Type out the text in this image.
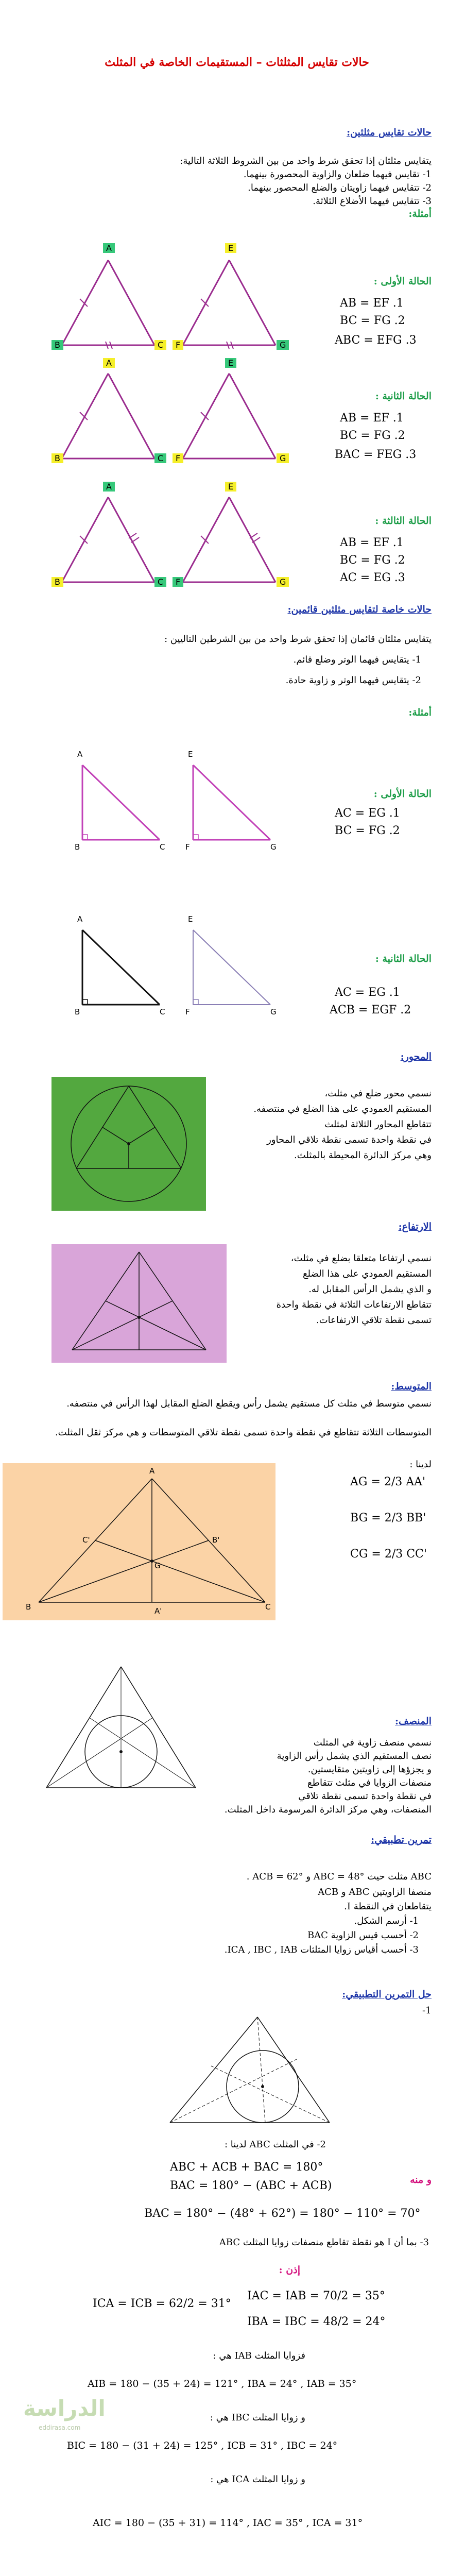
حالات تقايس المثلثات – المستقيمات الخاصة في المثلث
حالات تقايس مثلثين:
يتقايس مثلثان إذا تحقق شرط واحد من بين الشروط الثلاثة التالية:
1- تقايس فيهما ضلعان والزاوية المحصورة بينهما.
2- تتقايس فيهما زاويتان والضلع المحصور بينهما.
3- تتقايس فيهما الأضلاع الثلاثة.
أمثلة:
A
B	C
E
F	G
الحالة الأولى :
AB = EF .1
BC = FG .2
ABC = EFG .3
A
B	C
E
F	G
الحالة الثانية :
AB = EF .1
BC = FG .2
BAC = FEG .3
A
B	C
E
F	G
الحالة الثالثة :
AB = EF .1
BC = FG .2
AC = EG .3
حالات خاصة لتقايس مثلثين قائمين:
يتقايس مثلثان قائمان إذا تحقق شرط واحد من بين الشرطين التاليين :
1- يتقايس فيهما الوتر وضلع قائم.
2- يتقايس فيهما الوتر و زاوية حادة.
أمثلة:
A
B	C
E
F	G
الحالة الأولى :
AC = EG .1
BC = FG .2
A
B	C
E
F	G
الحالة الثانية :
AC = EG .1
ACB = EGF .2
المحور:
نسمي محور ضلع في مثلث،
المستقيم العمودي على هذا الضلع في منتصفه.
تتقاطع المحاور الثلاثة لمثلث
في نقطة واحدة تسمى نقطة تلاقي المحاور
وهي مركز الدائرة المحيطة بالمثلث.
الارتفاع:
نسمي ارتفاعا متعلقا بضلع في مثلث،
المستقيم العمودي على هذا الضلع
و الذي يشمل الرأس المقابل له.
تتقاطع الارتفاعات الثلاثة في نقطة واحدة
تسمى نقطة تلاقي الارتفاعات.
المتوسط:
نسمي متوسط في مثلث كل مستقيم يشمل رأس ويقطع الضلع المقابل لهذا الرأس في منتصفه.
المتوسطات الثلاثة تتقاطع في نقطة واحدة تسمى نقطة تلاقي المتوسطات و هي مركز ثقل المثلث.
لدينا :
A
B	C
A'
B'
C'
G
AG = 2/3 AA'
BG = 2/3 BB'
CG = 2/3 CC'
المنصف:
نسمي منصف زاوية في المثلث
نصف المستقيم الذي يشمل رأس الزاوية
و يجزؤها إلى زاويتين متقايستين.
منصفات الزوايا في مثلث تتقاطع
في نقطة واحدة تسمى نقطة تلاقي
المنصفات، وهي مركز الدائرة المرسومة داخل المثلث.
تمرين تطبيقي:
ABC مثلث حيث ABC = 48° و ACB = 62° .
منصفا الزاويتين ABC و ACB
يتقاطعان في النقطة I.
1- أرسم الشكل.
2- أحسب قيس الزاوية BAC
3- أحسب أقياس زوايا المثلثات ICA , IBC , IAB.
حل التمرين التطبيقي:
-1
2- في المثلث ABC لدينا :
ABC + ACB + BAC = 180°
و منه
BAC = 180° − (ABC + ACB)
BAC = 180° − (48° + 62°) = 180° − 110° = 70°
3- بما أن I هو نقطة تقاطع منصفات زوايا المثلث ABC
إذن :
ICA = ICB = 62/2 = 31°
IAC = IAB = 70/2 = 35°
IBA = IBC = 48/2 = 24°
فزوايا المثلث IAB هي :
AIB = 180 − (35 + 24) = 121° , IBA = 24° , IAB = 35°
و زوايا المثلث IBC هي :
BIC = 180 − (31 + 24) = 125° , ICB = 31° , IBC = 24°
و زوايا المثلث ICA هي :
AIC = 180 − (35 + 31) = 114° , IAC = 35° , ICA = 31°
الدراسة
eddirasa.com
